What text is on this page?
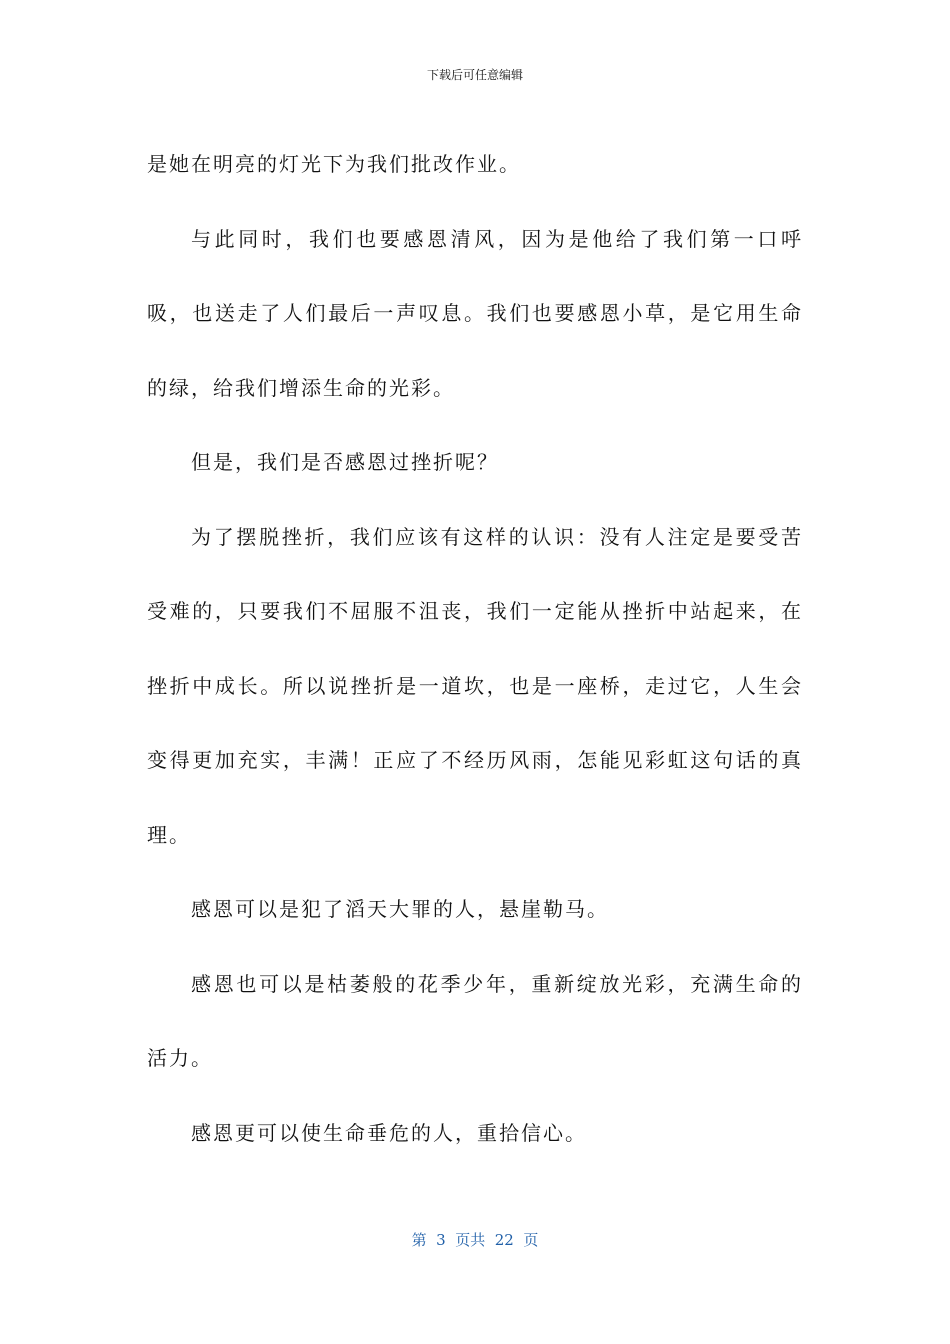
下载后可任意编辑

是她在明亮的灯光下为我们批改作业。

与此同时，我们也要感恩清风，因为是他给了我们第一口呼吸，也送走了人们最后一声叹息。我们也要感恩小草，是它用生命的绿，给我们增添生命的光彩。

但是，我们是否感恩过挫折呢？

为了摆脱挫折，我们应该有这样的认识：没有人注定是要受苦受难的，只要我们不屈服不沮丧，我们一定能从挫折中站起来，在挫折中成长。所以说挫折是一道坎，也是一座桥，走过它，人生会变得更加充实，丰满！正应了不经历风雨，怎能见彩虹这句话的真理。

感恩可以是犯了滔天大罪的人，悬崖勒马。

感恩也可以是枯萎般的花季少年，重新绽放光彩，充满生命的活力。

感恩更可以使生命垂危的人，重拾信心。

第  3  页共  22  页
